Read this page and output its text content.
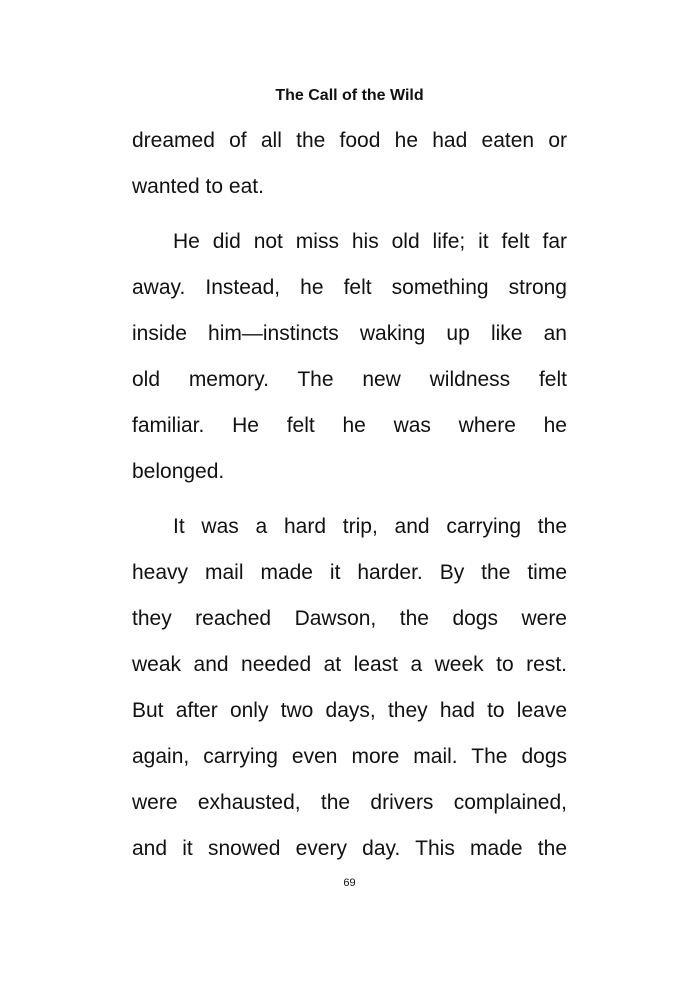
The Call of the Wild
dreamed of all the food he had eaten or
wanted to eat.
He did not miss his old life; it felt far
away. Instead, he felt something strong
inside him—instincts waking up like an
old memory. The new wildness felt
familiar. He felt he was where he
belonged.
It was a hard trip, and carrying the
heavy mail made it harder. By the time
they reached Dawson, the dogs were
weak and needed at least a week to rest.
But after only two days, they had to leave
again, carrying even more mail. The dogs
were exhausted, the drivers complained,
and it snowed every day. This made the
69
